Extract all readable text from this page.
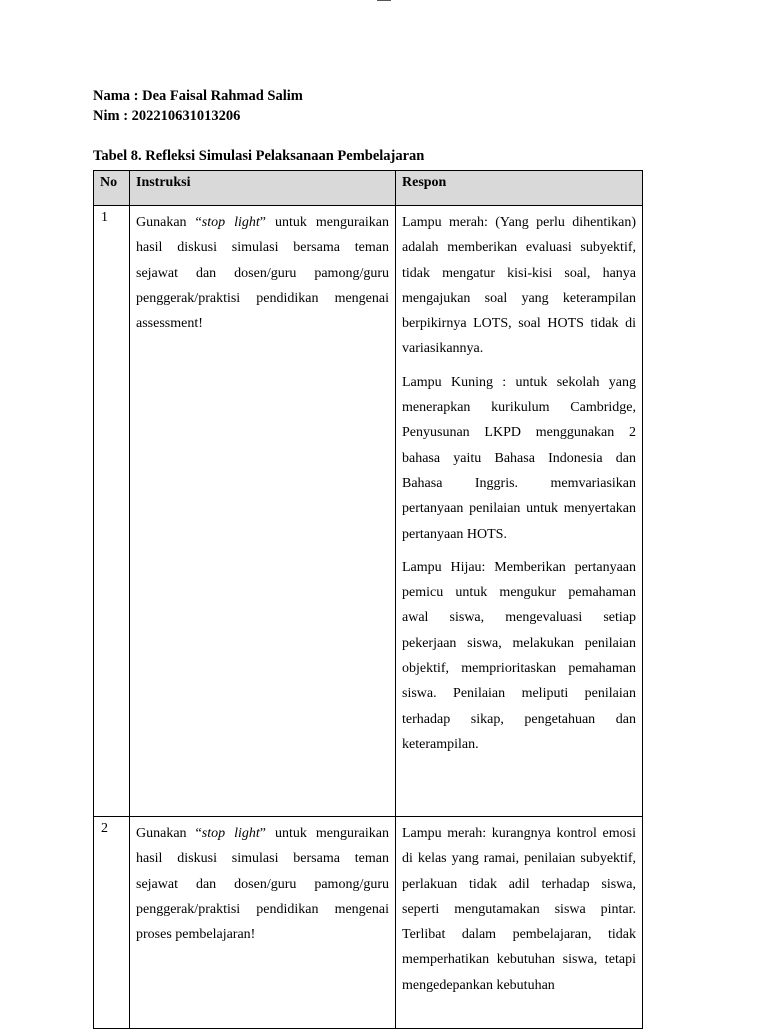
Nama : Dea Faisal Rahmad Salim
Nim : 202210631013206
Tabel 8. Refleksi Simulasi Pelaksanaan Pembelajaran
No	Instruksi	Respon
1	Gunakan “stop light” untuk menguraikan hasil diskusi simulasi bersama teman sejawat dan dosen/guru pamong/guru penggerak/praktisi pendidikan mengenai assessment!	Lampu merah: (Yang perlu dihentikan) adalah memberikan evaluasi subyektif, tidak mengatur kisi-kisi soal, hanya mengajukan soal yang keterampilan berpikirnya LOTS, soal HOTS tidak di variasikannya.

Lampu Kuning : untuk sekolah yang menerapkan kurikulum Cambridge, Penyusunan LKPD menggunakan 2 bahasa yaitu Bahasa Indonesia dan Bahasa Inggris. memvariasikan pertanyaan penilaian untuk menyertakan pertanyaan HOTS.

Lampu Hijau: Memberikan pertanyaan pemicu untuk mengukur pemahaman awal siswa, mengevaluasi setiap pekerjaan siswa, melakukan penilaian objektif, memprioritaskan pemahaman siswa. Penilaian meliputi penilaian terhadap sikap, pengetahuan dan keterampilan.

2	Gunakan “stop light” untuk menguraikan hasil diskusi simulasi bersama teman sejawat dan dosen/guru pamong/guru penggerak/praktisi pendidikan mengenai proses pembelajaran!	Lampu merah: kurangnya kontrol emosi di kelas yang ramai, penilaian subyektif, perlakuan tidak adil terhadap siswa, seperti mengutamakan siswa pintar. Terlibat dalam pembelajaran, tidak memperhatikan kebutuhan siswa, tetapi mengedepankan kebutuhan
